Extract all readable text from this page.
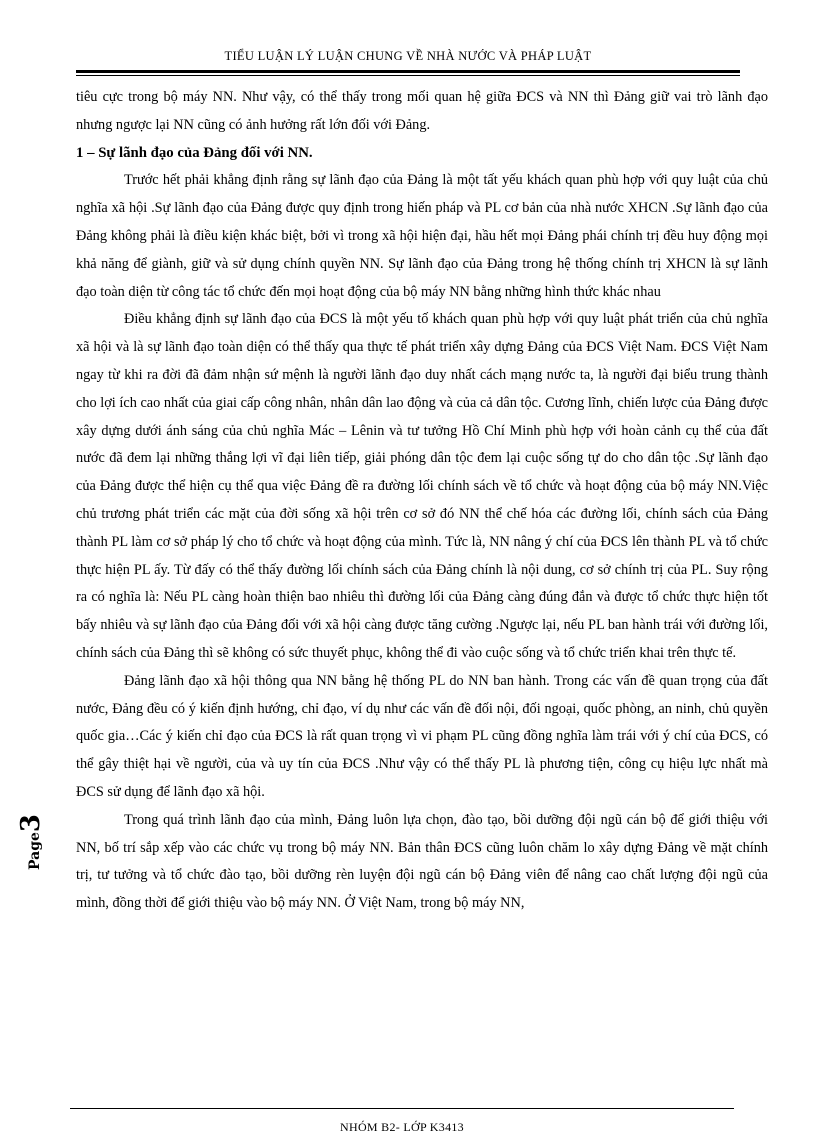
TIỂU LUẬN LÝ LUẬN CHUNG VỀ NHÀ NƯỚC VÀ PHÁP LUẬT

tiêu cực trong bộ máy NN. Như vậy, có thể thấy trong mối quan hệ giữa ĐCS và NN thì Đảng giữ vai trò lãnh đạo nhưng ngược lại NN cũng có ảnh hưởng rất lớn đối với Đảng.

1 – Sự lãnh đạo của Đảng đối với NN.

Trước hết phải khẳng định rằng sự lãnh đạo của Đảng là một tất yếu khách quan phù hợp với quy luật của chủ nghĩa xã hội .Sự lãnh đạo của Đảng được quy định trong hiến pháp và PL cơ bản của nhà nước XHCN .Sự lãnh đạo của Đảng không phải là điều kiện khác biệt, bởi vì trong xã hội hiện đại, hầu hết mọi Đảng phái chính trị đều huy động mọi khả năng để giành, giữ và sử dụng chính quyền NN. Sự lãnh đạo của Đảng trong hệ thống chính trị XHCN là sự lãnh đạo toàn diện từ công tác tổ chức đến mọi hoạt động của bộ máy NN bằng những hình thức khác nhau

Điều khẳng định sự lãnh đạo của ĐCS là một yếu tố khách quan phù hợp với quy luật phát triển của chủ nghĩa xã hội và là sự lãnh đạo toàn diện có thể thấy qua thực tế phát triển xây dựng Đảng của ĐCS Việt Nam. ĐCS Việt Nam ngay từ khi ra đời đã đảm nhận sứ mệnh là người lãnh đạo duy nhất cách mạng nước ta, là người đại biểu trung thành cho lợi ích cao nhất của giai cấp công nhân, nhân dân lao động và của cả dân tộc. Cương lĩnh, chiến lược của Đảng được xây dựng dưới ánh sáng của chủ nghĩa Mác – Lênin và tư tưởng Hồ Chí Minh phù hợp với hoàn cảnh cụ thể của đất nước đã đem lại những thắng lợi vĩ đại liên tiếp, giải phóng dân tộc đem lại cuộc sống tự do cho dân tộc .Sự lãnh đạo của Đảng được thể hiện cụ thể qua việc Đảng đề ra đường lối chính sách về tổ chức và hoạt động của bộ máy NN.Việc chủ trương phát triển các mặt của đời sống xã hội trên cơ sở đó NN thể chế hóa các đường lối, chính sách của Đảng thành PL làm cơ sở pháp lý cho tổ chức và hoạt động của mình. Tức là, NN nâng ý chí của ĐCS lên thành PL và tổ chức thực hiện PL ấy. Từ đấy có thể thấy đường lối chính sách của Đảng chính là nội dung, cơ sở chính trị của PL. Suy rộng ra có nghĩa là: Nếu PL càng hoàn thiện bao nhiêu thì đường lối của Đảng càng đúng đắn và được tổ chức thực hiện tốt bấy nhiêu và sự lãnh đạo của Đảng đối với xã hội càng được tăng cường .Ngược lại, nếu PL ban hành trái với đường lối, chính sách của Đảng thì sẽ không có sức thuyết phục, không thể đi vào cuộc sống và tổ chức triển khai trên thực tế.

Đảng lãnh đạo xã hội thông qua NN bằng hệ thống PL do NN ban hành. Trong các vấn đề quan trọng của đất nước, Đảng đều có ý kiến định hướng, chỉ đạo, ví dụ như các vấn đề đối nội, đối ngoại, quốc phòng, an ninh, chủ quyền quốc gia…Các ý kiến chỉ đạo của ĐCS là rất quan trọng vì vi phạm PL cũng đồng nghĩa làm trái với ý chí của ĐCS, có thể gây thiệt hại về người, của và uy tín của ĐCS .Như vậy có thể thấy PL là phương tiện, công cụ hiệu lực nhất mà ĐCS sử dụng để lãnh đạo xã hội.

Trong quá trình lãnh đạo của mình, Đảng luôn lựa chọn, đào tạo, bồi dưỡng đội ngũ cán bộ để giới thiệu với NN, bố trí sắp xếp vào các chức vụ trong bộ máy NN. Bản thân ĐCS cũng luôn chăm lo xây dựng Đảng về mặt chính trị, tư tưởng và tổ chức đào tạo, bồi dưỡng rèn luyện đội ngũ cán bộ Đảng viên để nâng cao chất lượng đội ngũ của mình, đồng thời để giới thiệu vào bộ máy NN. Ở Việt Nam, trong bộ máy NN,

Page3
NHÓM B2- LỚP K3413
